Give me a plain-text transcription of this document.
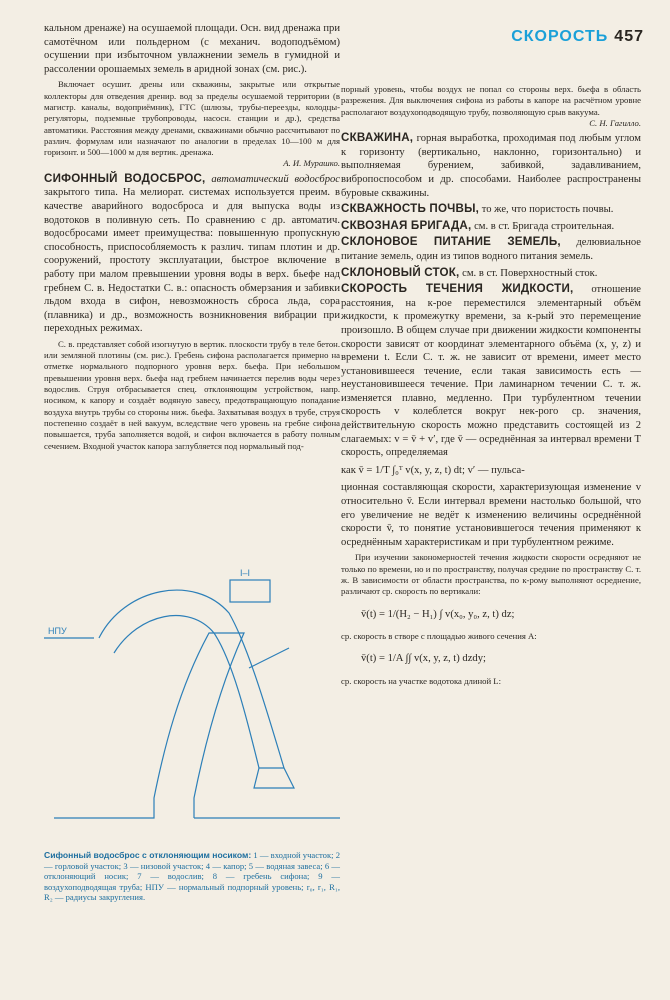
СКОРОСТЬ 457

кальном дренаже) на осушаемой площади. Осн. вид дренажа при самотёчном или польдерном (с механич. водоподъёмом) осушении при избыточном увлажнении земель в гумидной и рассолении орошаемых земель в аридной зонах (см. рис.).

Включает осушит. дрены или скважины, закрытые или открытые коллекторы для отведения дренир. вод за пределы осушаемой территории (в магистр. каналы, водоприёмник), ГТС (шлюзы, трубы-переезды, колодцы-регуляторы, подземные трубопроводы, насосн. станции и др.), средства автоматики. Расстояния между дренами, скважинами обычно рассчитывают по различ. формулам или назначают по аналогии в пределах 10—100 м для горизонт. и 500—1000 м для вертик. дренажа.

А. И. Мурашко.

СИФОННЫЙ ВОДОСБРОС, автоматический водосброс закрытого типа. На мелиорат. системах используется преим. в качестве аварийного водосброса и для выпуска воды из водотоков в поливную сеть. По сравнению с др. автоматич. водосбросами имеет преимущества: повышенную пропускную способность, приспособляемость к различ. типам плотин и др. сооружений, простоту эксплуатации, быстрое включение в работу при малом превышении уровня воды в верх. бьефе над гребнем С. в. Недостатки С. в.: опасность обмерзания и забивки льдом входа в сифон, невозможность сброса льда, сора (плавника) и др., возможность возникновения вибрации при переходных режимах.

С. в. представляет собой изогнутую в вертик. плоскости трубу в теле бетон. или земляной плотины (см. рис.). Гребень сифона располагается примерно на отметке нормального подпорного уровня верх. бьефа. При небольшом превышении уровня верх. бьефа над гребнем начинается перелив воды через водослив. Струя отбрасывается спец. отклоняющим устройством, напр. носиком, к капору и создаёт водяную завесу, предотвращающую попадание воздуха внутрь трубы со стороны ниж. бьефа. Захватывая воздух в трубе, струя постепенно создаёт в ней вакуум, вследствие чего уровень на гребне сифона повышается, труба заполняется водой, и сифон включается в работу полным сечением. Входной участок капора заглубляется под нормальный под-

порный уровень, чтобы воздух не попал со стороны верх. бьефа в область разрежения. Для выключения сифона из работы в капоре на расчётном уровне располагают воздухоподводящую трубу, позволяющую срыв вакуума.

С. Н. Гагилло.

СКВАЖИНА, горная выработка, проходимая под любым углом к горизонту (вертикально, наклонно, горизонтально) и выполняемая бурением, забивкой, задавливанием, вибропоспособом и др. способами. Наиболее распространены буровые скважины.

СКВАЖНОСТЬ ПОЧВЫ, то же, что пористость почвы.

СКВОЗНАЯ БРИГАДА, см. в ст. Бригада строительная.

СКЛОНОВОЕ ПИТАНИЕ ЗЕМЕЛЬ, делювиальное питание земель, один из типов водного питания земель.

СКЛОНОВЫЙ СТОК, см. в ст. Поверхностный сток.

СКОРОСТЬ ТЕЧЕНИЯ ЖИДКОСТИ, отношение расстояния, на к-рое переместился элементарный объём жидкости, к промежутку времени, за к-рый это перемещение произошло. В общем случае при движении жидкости компоненты скорости зависят от координат элементарного объёма (x, y, z) и времени t. Если С. т. ж. не зависит от времени, имеет место установившееся течение, если такая зависимость есть — неустановившееся течение. При ламинарном течении С. т. ж. изменяется плавно, медленно. При турбулентном течении скорость v колеблется вокруг нек-рого ср. значения, действительную скорость можно представить состоящей из 2 слагаемых: v = v̄ + v′, где v̄ — осреднённая за интервал времени T скорость, определяемая

как v̄ = 1/T ∫₀ᵀ v(x, y, z, t) dt; v′ — пульса-

ционная составляющая скорости, характеризующая изменение v относительно v̄. Если интервал времени настолько большой, что его увеличение не ведёт к изменению величины осреднённой скорости v̄, то понятие установившегося течения применяют к осреднённым характеристикам и при турбулентном режиме.

При изучении закономерностей течения жидкости скорости осредняют не только по времени, но и по пространству, получая средние по пространству С. т. ж. В зависимости от области пространства, по к-рому выполняют осреднение, различают ср. скорость по вертикали:

v̄(t) = 1/(H₂ − H₁) ∫ v(x₀, y₀, z, t) dz;

ср. скорость в створе с площадью живого сечения A:

v̄(t) = 1/A ∫∫ v(x, y, z, t) dzdy;

ср. скорость на участке водотока длиной L:

НПУ
I–I
Сифонный водосброс с отклоняющим носиком: 1 — входной участок; 2 — горловой участок; 3 — низовой участок; 4 — капор; 5 — водяная завеса; 6 — отклоняющий носик; 7 — водослив; 8 — гребень сифона; 9 — воздухоподводящая труба; НПУ — нормальный подпорный уровень; r₀, r₁, R₁, R₂ — радиусы закругления.
